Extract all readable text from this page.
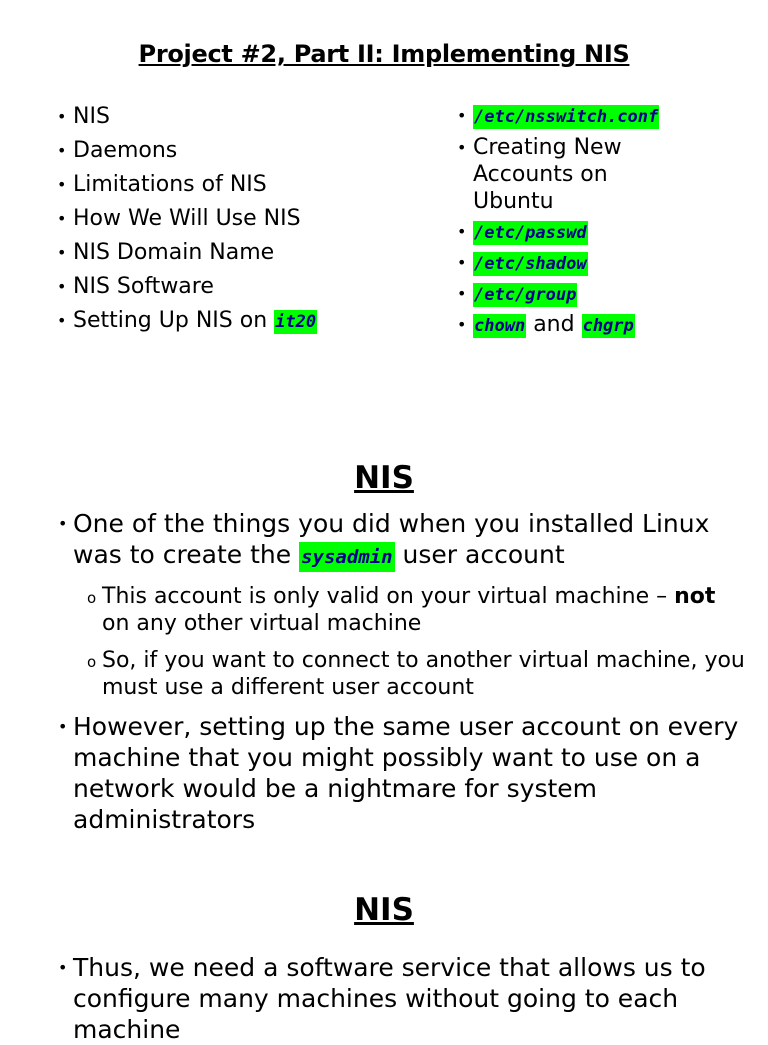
Project #2, Part II: Implementing NIS
• NIS
• Daemons
• Limitations of NIS
• How We Will Use NIS
• NIS Domain Name
• NIS Software
• Setting Up NIS on it20
• /etc/nsswitch.conf
• Creating New Accounts on Ubuntu
• /etc/passwd
• /etc/shadow
• /etc/group
• chown and chgrp
NIS
• One of the things you did when you installed Linux was to create the sysadmin user account
o This account is only valid on your virtual machine – not on any other virtual machine
o So, if you want to connect to another virtual machine, you must use a different user account
• However, setting up the same user account on every machine that you might possibly want to use on a network would be a nightmare for system administrators
NIS
• Thus, we need a software service that allows us to configure many machines without going to each machine
